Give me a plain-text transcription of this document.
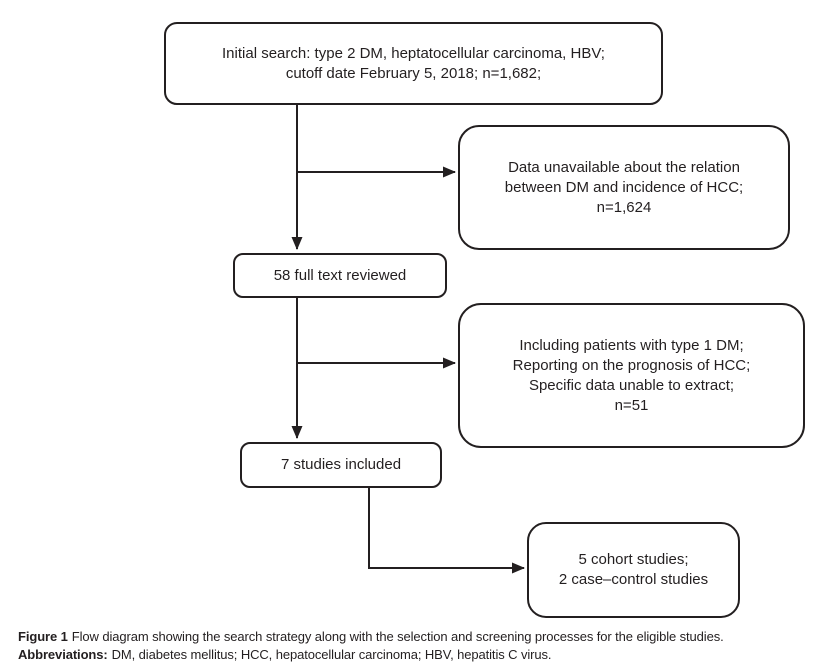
Initial search: type 2 DM, heptatocellular carcinoma, HBV;
cutoff date February 5, 2018; n=1,682;
Data unavailable about the relation
between DM and incidence of HCC;
n=1,624
58 full text reviewed
Including patients with type 1 DM;
Reporting on the prognosis of HCC;
Specific data unable to extract;
n=51
7 studies included
5 cohort studies;
2 case–control studies
Figure 1 Flow diagram showing the search strategy along with the selection and screening processes for the eligible studies.
Abbreviations: DM, diabetes mellitus; HCC, hepatocellular carcinoma; HBV, hepatitis C virus.
